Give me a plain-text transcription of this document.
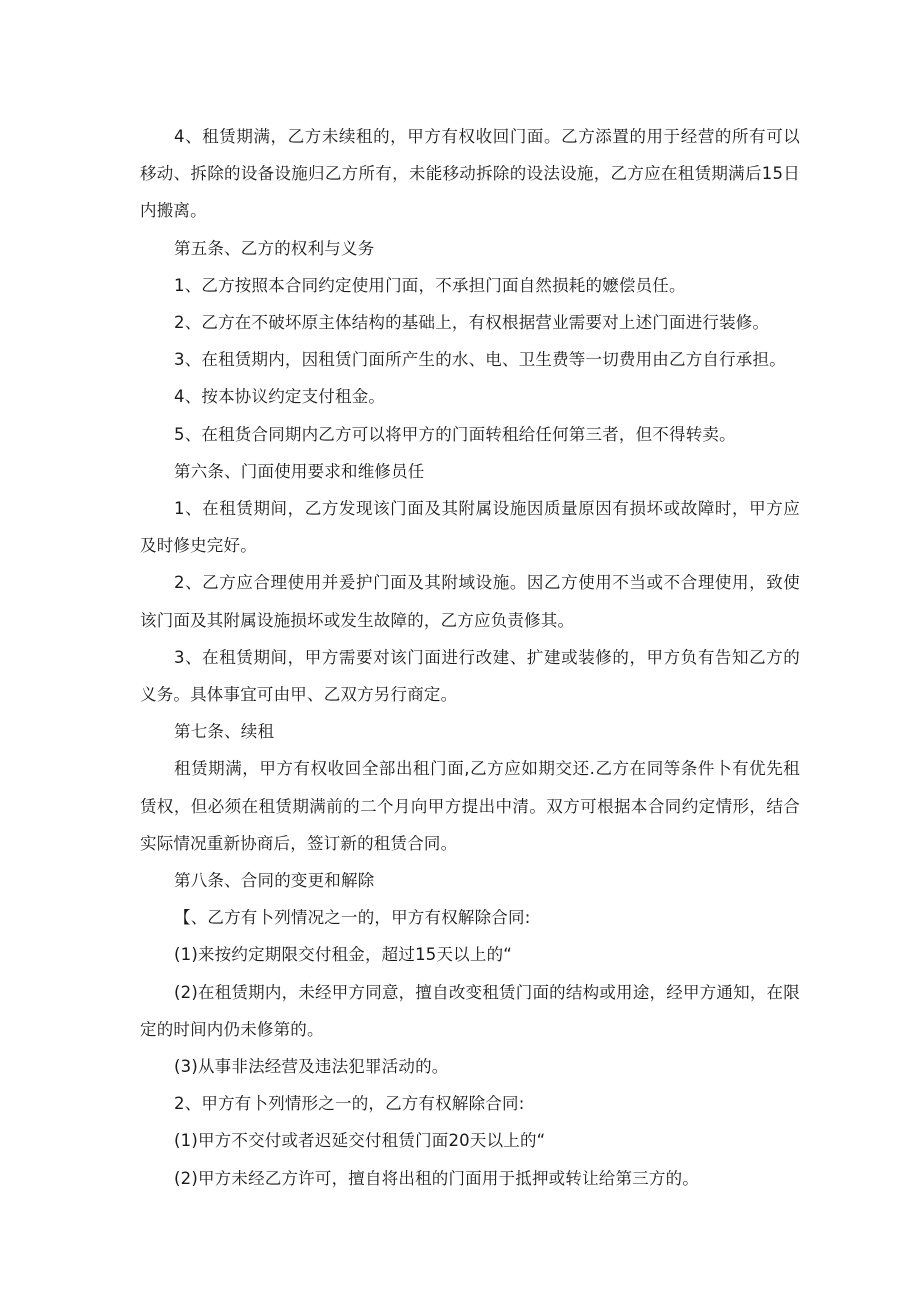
4、租赁期满，乙方未续租的，甲方有权收回门面。乙方添置的用于经营的所有可以移动、拆除的设备设施归乙方所有，未能移动拆除的设法设施，乙方应在租赁期满后15日内搬离。

第五条、乙方的权利与义务

1、乙方按照本合同约定使用门面，不承担门面自然损耗的嬷偿员任。

2、乙方在不破坏原主体结构的基础上，有权根据营业需要对上述门面进行装修。

3、在租赁期内，因租赁门面所产生的水、电、卫生费等一切费用由乙方自行承担。

4、按本协议约定支付租金。

5、在租货合同期内乙方可以将甲方的门面转租给任何第三者，但不得转卖。

第六条、门面使用要求和维修员任

1、在租赁期间，乙方发现该门面及其附属设施因质量原因有损坏或故障时，甲方应及时修史完好。

2、乙方应合理使用并爰护门面及其附域设施。因乙方使用不当或不合理使用，致使该门面及其附属设施损坏或发生故障的，乙方应负责修其。

3、在租赁期间，甲方需要对该门面进行改建、扩建或装修的，甲方负有告知乙方的义务。具体事宜可由甲、乙双方另行商定。

第七条、续租

租赁期满，甲方有权收回全部出租门面,乙方应如期交还.乙方在同等条件卜有优先租赁权，但必须在租赁期满前的二个月向甲方提出中清。双方可根据本合同约定情形，结合实际情况重新协商后，签订新的租赁合同。

第八条、合同的变更和解除

【、乙方有卜列情况之一的，甲方有权解除合同:

(1)来按约定期限交付租金，超过15天以上的“

(2)在租赁期内，未经甲方同意，擅自改变租赁门面的结构或用途，经甲方通知，在限定的时间内仍未修第的。

(3)从事非法经营及违法犯罪活动的。

2、甲方有卜列情形之一的，乙方有权解除合同:

(1)甲方不交付或者迟延交付租赁门面20天以上的“

(2)甲方未经乙方许可，擅自将出租的门面用于抵押或转让给第三方的。
